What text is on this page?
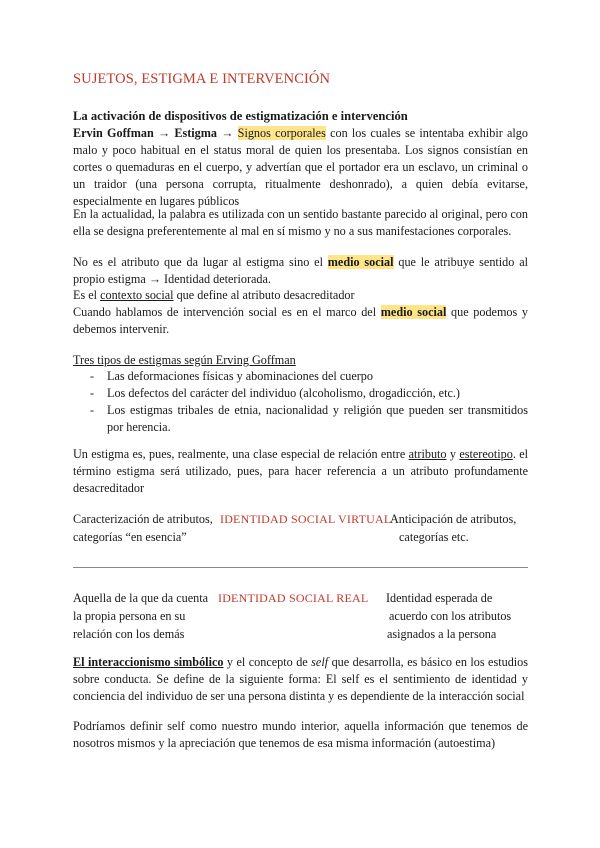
SUJETOS, ESTIGMA E INTERVENCIÓN
La activación de dispositivos de estigmatización e intervención
Ervin Goffman → Estigma → Signos corporales con los cuales se intentaba exhibir algo malo y poco habitual en el status moral de quien los presentaba. Los signos consistían en cortes o quemaduras en el cuerpo, y advertían que el portador era un esclavo, un criminal o un traidor (una persona corrupta, ritualmente deshonrado), a quien debía evitarse, especialmente en lugares públicos
En la actualidad, la palabra es utilizada con un sentido bastante parecido al original, pero con ella se designa preferentemente al mal en sí mismo y no a sus manifestaciones corporales.
No es el atributo que da lugar al estigma sino el medio social que le atribuye sentido al propio estigma → Identidad deteriorada.
Es el contexto social que define al atributo desacreditador
Cuando hablamos de intervención social es en el marco del medio social que podemos y debemos intervenir.
Tres tipos de estigmas según Erving Goffman
- Las deformaciones físicas y abominaciones del cuerpo
- Los defectos del carácter del individuo (alcoholismo, drogadicción, etc.)
- Los estigmas tribales de etnia, nacionalidad y religión que pueden ser transmitidos por herencia.
Un estigma es, pues, realmente, una clase especial de relación entre atributo y estereotipo. el término estigma será utilizado, pues, para hacer referencia a un atributo profundamente desacreditador
Caracterización de atributos,
categorías “en esencia”
IDENTIDAD SOCIAL VIRTUAL
Anticipación de atributos,
categorías etc.
Aquella de la que da cuenta
la propia persona en su
relación con los demás
IDENTIDAD SOCIAL REAL Identidad esperada de
acuerdo con los atributos
asignados a la persona
El interaccionismo simbólico y el concepto de self que desarrolla, es básico en los estudios sobre conducta. Se define de la siguiente forma: El self es el sentimiento de identidad y conciencia del individuo de ser una persona distinta y es dependiente de la interacción social
Podríamos definir self como nuestro mundo interior, aquella información que tenemos de nosotros mismos y la apreciación que tenemos de esa misma información (autoestima)
